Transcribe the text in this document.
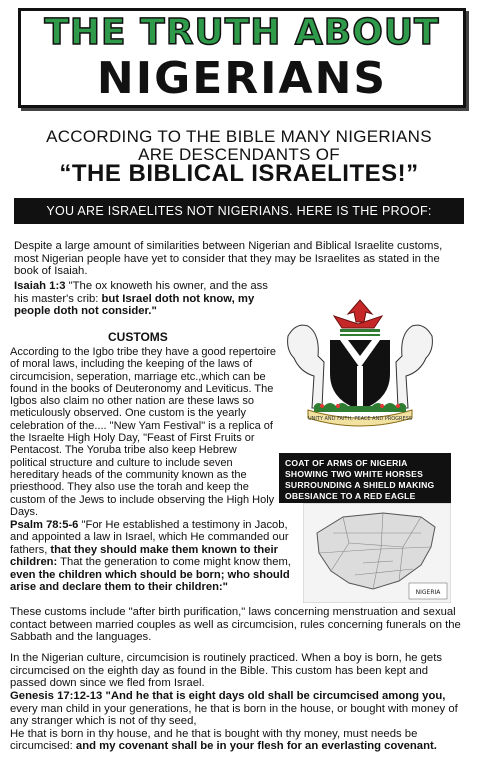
THE TRUTH ABOUT
NIGERIANS
ACCORDING TO THE BIBLE MANY NIGERIANS
ARE DESCENDANTS OF
“THE BIBLICAL ISRAELITES!”
YOU ARE ISRAELITES NOT NIGERIANS. HERE IS THE PROOF:

Despite a large amount of similarities between Nigerian and Biblical Israelite customs, most Nigerian people have yet to consider that they may be Israelites as stated in the book of Isaiah.

Isaiah 1:3 "The ox knoweth his owner, and the ass his master's crib: but Israel doth not know, my people doth not consider."

CUSTOMS

According to the Igbo tribe they have a good repertoire of moral laws, including the keeping of the laws of circumcision, seperation, marriage etc.,which can be found in the books of Deuteronomy and Leviticus. The Igbos also claim no other nation are these laws so meticulously observed. One custom is the yearly celebration of the.... "New Yam Festival" is a replica of the Israelte High Holy Day, "Feast of First Fruits or Pentacost. The Yoruba tribe also keep Hebrew political structure and culture to include seven hereditary heads of the community known as the priesthood. They also use the torah and keep the custom of the Jews to include observing the High Holy Days.

UNITY AND FAITH, PEACE AND PROGRESS
COAT OF ARMS OF NIGERIA SHOWING TWO WHITE HORSES SURROUNDING A SHIELD MAKING OBESIANCE TO A RED EAGLE
NIGERIA

Psalm 78:5-6 "For He established a testimony in Jacob, and appointed a law in Israel, which He commanded our fathers, that they should make them known to their children: That the generation to come might know them, even the children which should be born; who should arise and declare them to their children:"

These customs include "after birth purification," laws concerning menstruation and sexual contact between married couples as well as circumcision, rules concerning funerals on the Sabbath and the languages.

In the Nigerian culture, circumcision is routinely practiced. When a boy is born, he gets circumcised on the eighth day as found in the Bible. This custom has been kept and passed down since we fled from Israel.

Genesis 17:12-13 "And he that is eight days old shall be circumcised among you, every man child in your generations, he that is born in the house, or bought with money of any stranger which is not of thy seed,
He that is born in thy house, and he that is bought with thy money, must needs be circumcised: and my covenant shall be in your flesh for an everlasting covenant.
